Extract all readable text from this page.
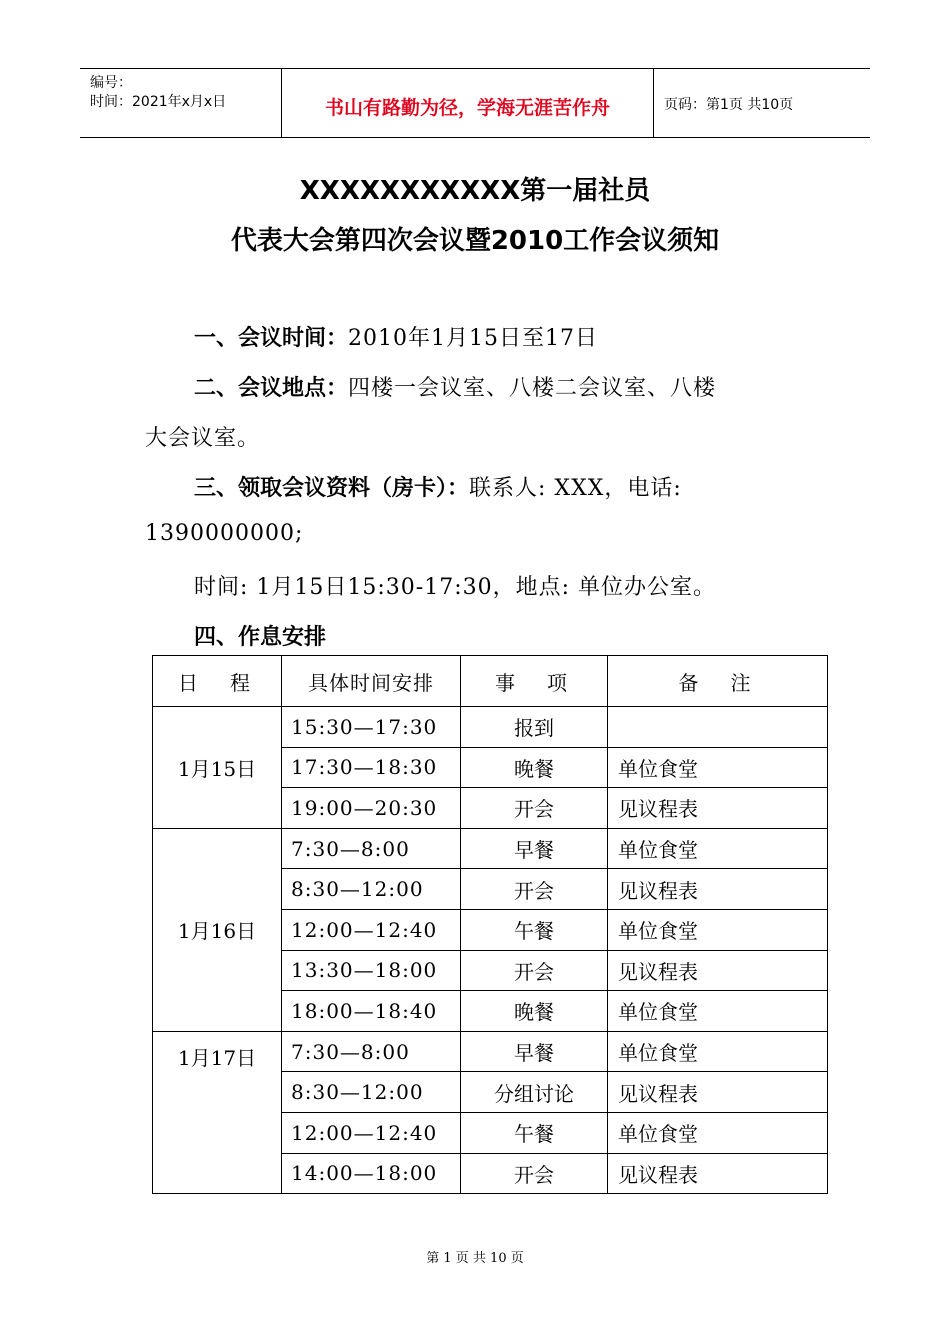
编号：
时间：2021年x月x日	书山有路勤为径，学海无涯苦作舟	页码：第1页 共10页
XXXXXXXXXXX第一届社员
代表大会第四次会议暨2010工作会议须知
一、会议时间：2010年1月15日至17日
二、会议地点：四楼一会议室、八楼二会议室、八楼
大会议室。
三、领取会议资料（房卡）：联系人: XXX，电话:
1390000000;
时间: 1月15日15:30-17:30，地点: 单位办公室。
四、作息安排
日　程	具体时间安排	事　项	备　注
1月15日	15:30—17:30	报到	
	17:30—18:30	晚餐	单位食堂
	19:00—20:30	开会	见议程表
1月16日	7:30—8:00	早餐	单位食堂
	8:30—12:00	开会	见议程表
	12:00—12:40	午餐	单位食堂
	13:30—18:00	开会	见议程表
	18:00—18:40	晚餐	单位食堂
1月17日	7:30—8:00	早餐	单位食堂
	8:30—12:00	分组讨论	见议程表
	12:00—12:40	午餐	单位食堂
	14:00—18:00	开会	见议程表
第 1 页 共 10 页
